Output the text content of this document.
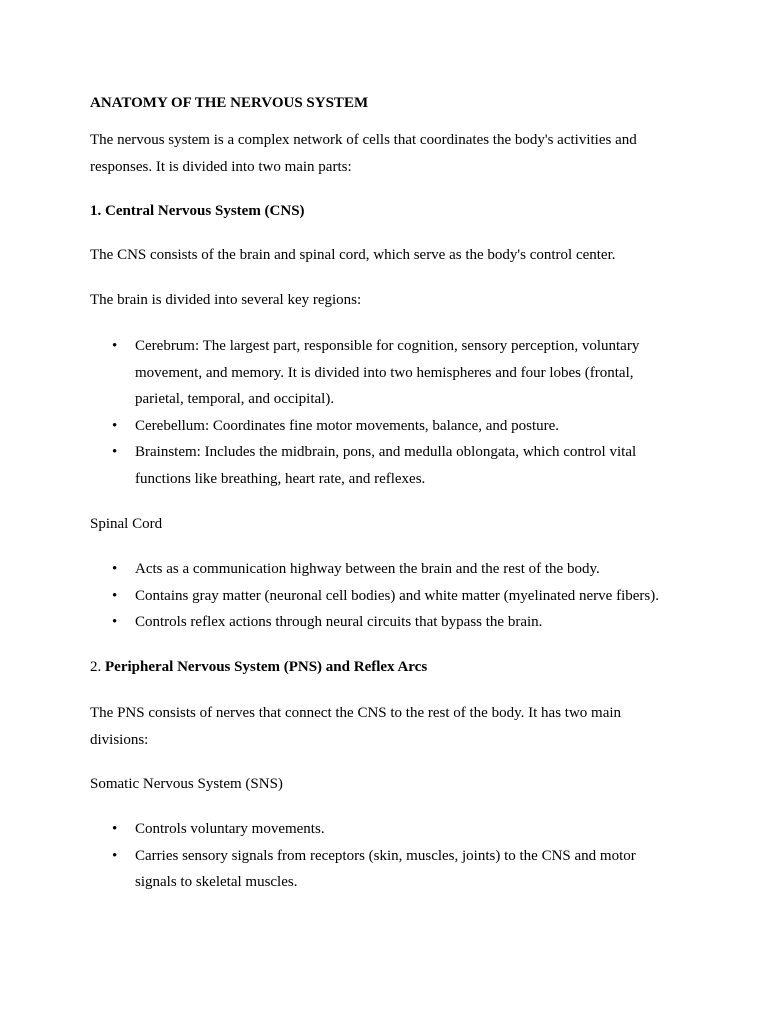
ANATOMY OF THE NERVOUS SYSTEM

The nervous system is a complex network of cells that coordinates the body's activities and responses. It is divided into two main parts:

1. Central Nervous System (CNS)

The CNS consists of the brain and spinal cord, which serve as the body's control center.

The brain is divided into several key regions:

• Cerebrum: The largest part, responsible for cognition, sensory perception, voluntary movement, and memory. It is divided into two hemispheres and four lobes (frontal, parietal, temporal, and occipital).
• Cerebellum: Coordinates fine motor movements, balance, and posture.
• Brainstem: Includes the midbrain, pons, and medulla oblongata, which control vital functions like breathing, heart rate, and reflexes.

Spinal Cord

• Acts as a communication highway between the brain and the rest of the body.
• Contains gray matter (neuronal cell bodies) and white matter (myelinated nerve fibers).
• Controls reflex actions through neural circuits that bypass the brain.

2. Peripheral Nervous System (PNS) and Reflex Arcs

The PNS consists of nerves that connect the CNS to the rest of the body. It has two main divisions:

Somatic Nervous System (SNS)

• Controls voluntary movements.
• Carries sensory signals from receptors (skin, muscles, joints) to the CNS and motor signals to skeletal muscles.
